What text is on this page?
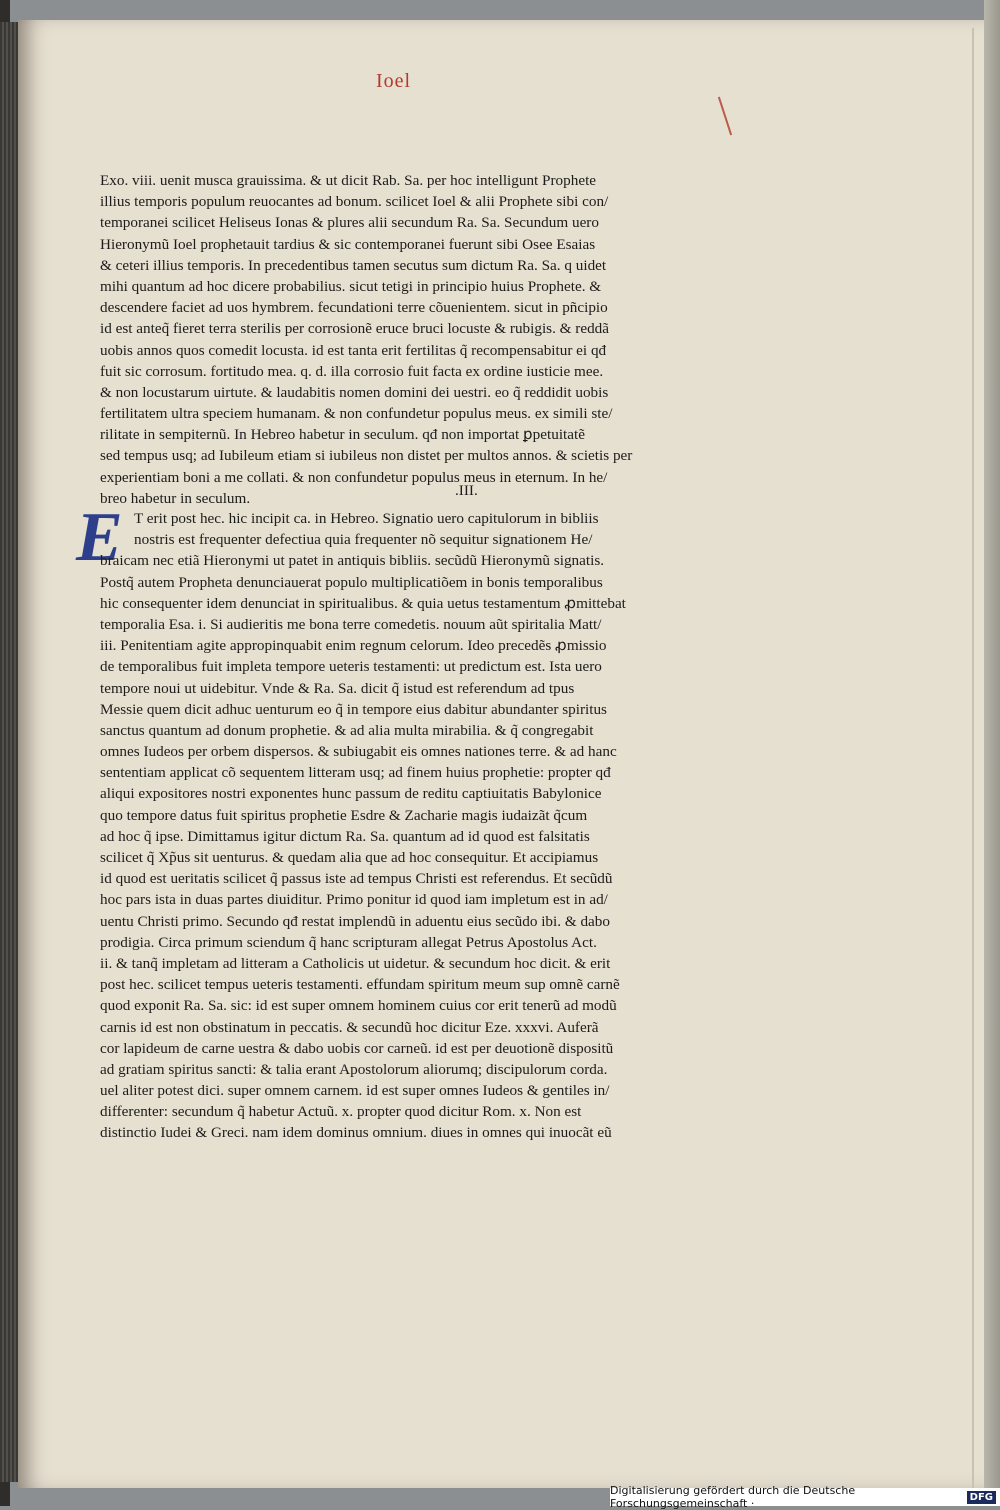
Ioel
Exo. viii. uenit musca grauissima. & ut dicit Rab. Sa. per hoc intelligunt Prophete
illius temporis populum reuocantes ad bonum. scilicet Ioel & alii Prophete sibi con/
temporanei scilicet Heliseus Ionas & plures alii secundum Ra. Sa. Secundum uero
Hieronymũ Ioel prophetauit tardius & sic contemporanei fuerunt sibi Osee Esaias
& ceteri illius temporis. In precedentibus tamen secutus sum dictum Ra. Sa. q uidet
mihi quantum ad hoc dicere probabilius. sicut tetigi in principio huius Prophete. &
descendere faciet ad uos hymbrem. fecundationi terre cõuenientem. sicut in pñcipio
id est anteq̃ fieret terra sterilis per corrosionẽ eruce bruci locuste & rubigis. & reddã
uobis annos quos comedit locusta. id est tanta erit fertilitas q̃ recompensabitur ei qđ
fuit sic corrosum. fortitudo mea. q. d. illa corrosio fuit facta ex ordine iusticie mee.
& non locustarum uirtute. & laudabitis nomen domini dei uestri. eo q̃ reddidit uobis
fertilitatem ultra speciem humanam. & non confundetur populus meus. ex simili ste/
rilitate in sempiternũ. In Hebreo habetur in seculum. qđ non importat ꝑpetuitatẽ
sed tempus usq; ad Iubileum etiam si iubileus non distet per multos annos. & scietis per
experientiam boni a me collati. & non confundetur populus meus in eternum. In he/
breo habetur in seculum.	.III.
E T erit post hec. hic incipit ca. in Hebreo. Signatio uero capitulorum in bibliis
nostris est frequenter defectiua quia frequenter nõ sequitur signationem He/
braicam nec etiã Hieronymi ut patet in antiquis bibliis. secũdũ Hieronymũ signatis.
Postq̃ autem Propheta denunciauerat populo multiplicatiõem in bonis temporalibus
hic consequenter idem denunciat in spiritualibus. & quia uetus testamentum ꝓmittebat
temporalia Esa. i. Si audieritis me bona terre comedetis. nouum aũt spiritalia Matt/
iii. Penitentiam agite appropinquabit enim regnum celorum. Ideo precedẽs ꝓmissio
de temporalibus fuit impleta tempore ueteris testamenti: ut predictum est. Ista uero
tempore noui ut uidebitur. Vnde & Ra. Sa. dicit q̃ istud est referendum ad tpus
Messie quem dicit adhuc uenturum eo q̃ in tempore eius dabitur abundanter spiritus
sanctus quantum ad donum prophetie. & ad alia multa mirabilia. & q̃ congregabit
omnes Iudeos per orbem dispersos. & subiugabit eis omnes nationes terre. & ad hanc
sententiam applicat cõ sequentem litteram usq; ad finem huius prophetie: propter qđ
aliqui expositores nostri exponentes hunc passum de reditu captiuitatis Babylonice
quo tempore datus fuit spiritus prophetie Esdre & Zacharie magis iudaizãt q̃cum
ad hoc q̃ ipse. Dimittamus igitur dictum Ra. Sa. quantum ad id quod est falsitatis
scilicet q̃ Xp̃us sit uenturus. & quedam alia que ad hoc consequitur. Et accipiamus
id quod est ueritatis scilicet q̃ passus iste ad tempus Christi est referendus. Et secũdũ
hoc pars ista in duas partes diuiditur. Primo ponitur id quod iam impletum est in ad/
uentu Christi primo. Secundo qđ restat implendũ in aduentu eius secũdo ibi. & dabo
prodigia. Circa primum sciendum q̃ hanc scripturam allegat Petrus Apostolus Act.
ii. & tanq̃ impletam ad litteram a Catholicis ut uidetur. & secundum hoc dicit. & erit
post hec. scilicet tempus ueteris testamenti. effundam spiritum meum sup omnẽ carnẽ
quod exponit Ra. Sa. sic: id est super omnem hominem cuius cor erit tenerũ ad modũ
carnis id est non obstinatum in peccatis. & secundũ hoc dicitur Eze. xxxvi. Auferã
cor lapideum de carne uestra & dabo uobis cor carneũ. id est per deuotionẽ dispositũ
ad gratiam spiritus sancti: & talia erant Apostolorum aliorumq; discipulorum corda.
uel aliter potest dici. super omnem carnem. id est super omnes Iudeos & gentiles in/
differenter: secundum q̃ habetur Actuũ. x. propter quod dicitur Rom. x. Non est
distinctio Iudei & Greci. nam idem dominus omnium. diues in omnes qui inuocãt eũ
Digitalisierung gefördert durch die Deutsche Forschungsgemeinschaft ·	DFG
